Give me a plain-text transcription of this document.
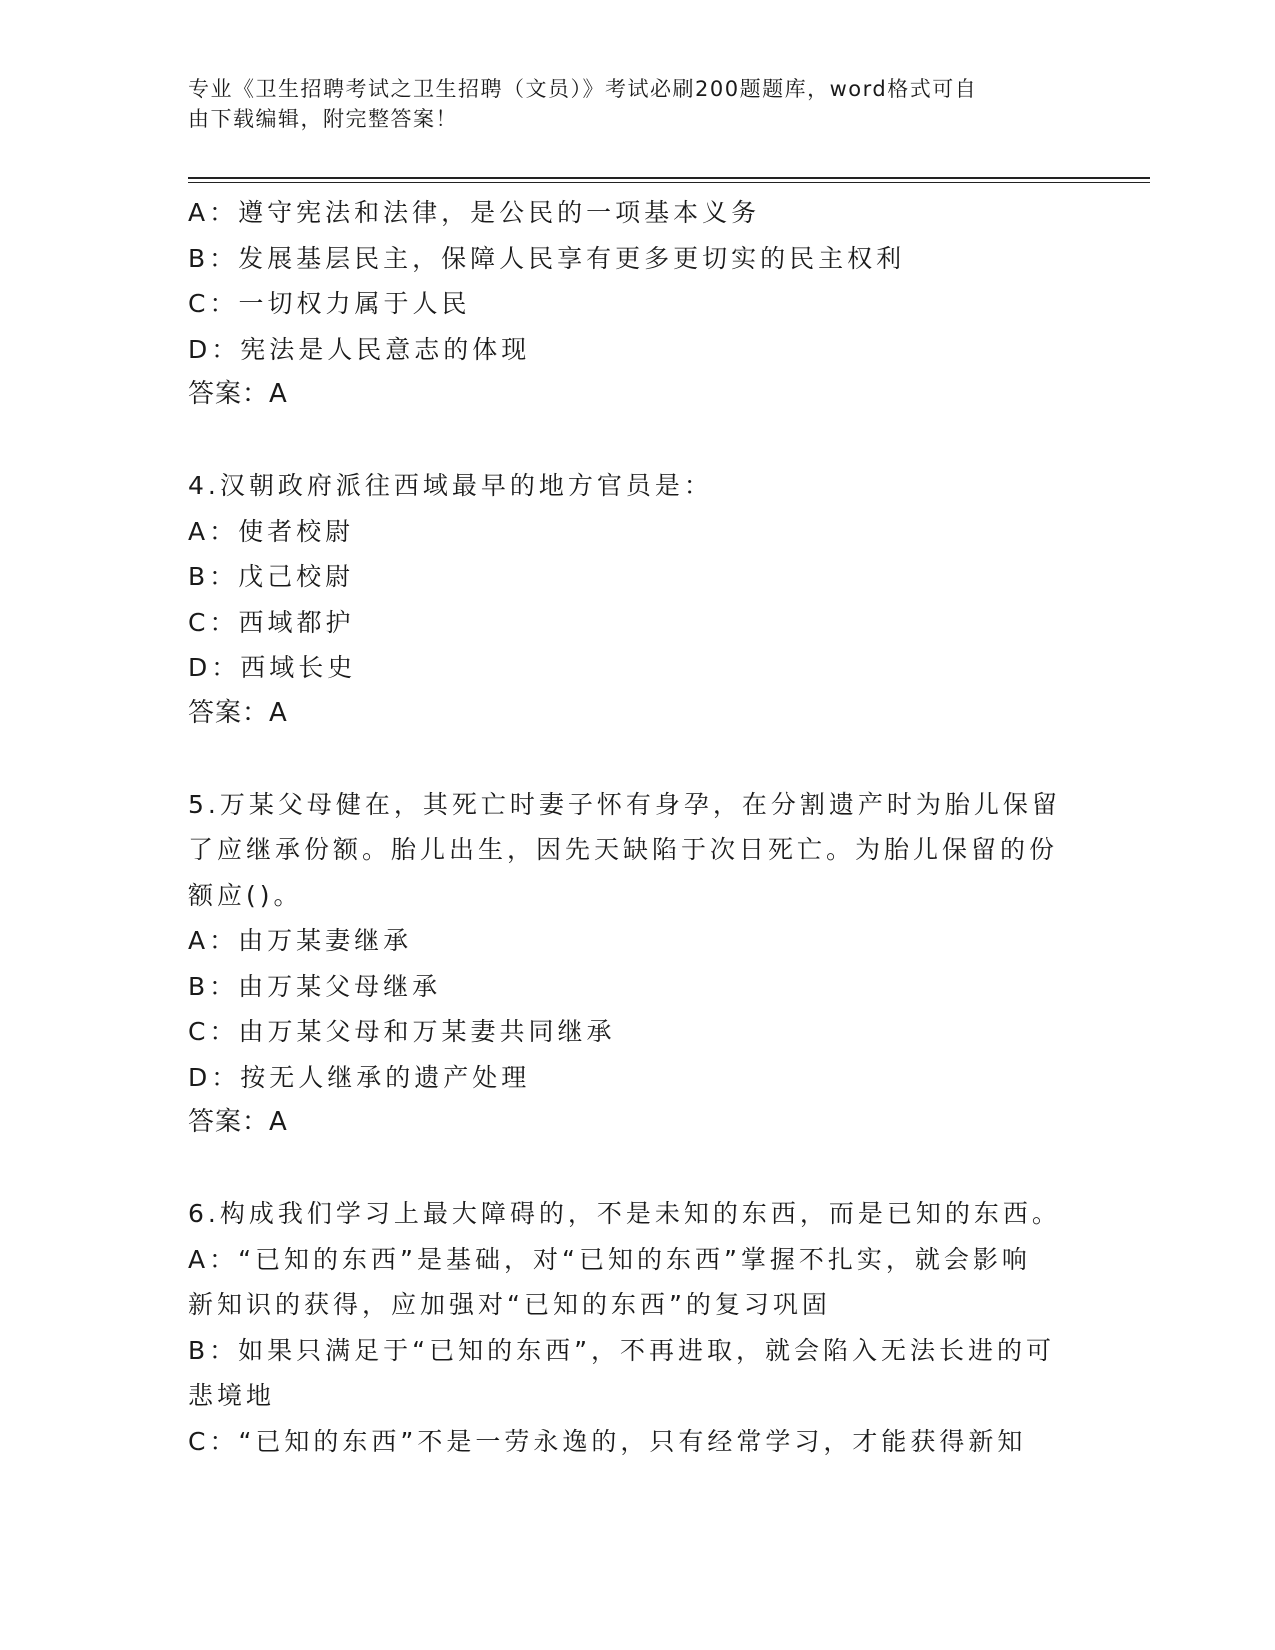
专业《卫生招聘考试之卫生招聘（文员）》考试必刷200题题库，word格式可自
由下载编辑，附完整答案！
A：遵守宪法和法律，是公民的一项基本义务
B：发展基层民主，保障人民享有更多更切实的民主权利
C：一切权力属于人民
D：宪法是人民意志的体现
答案：A
4.汉朝政府派往西域最早的地方官员是：
A：使者校尉
B：戊己校尉
C：西域都护
D：西域长史
答案：A
5.万某父母健在，其死亡时妻子怀有身孕，在分割遗产时为胎儿保留
了应继承份额。胎儿出生，因先天缺陷于次日死亡。为胎儿保留的份
额应()。
A：由万某妻继承
B：由万某父母继承
C：由万某父母和万某妻共同继承
D：按无人继承的遗产处理
答案：A
6.构成我们学习上最大障碍的，不是未知的东西，而是已知的东西。
A：“已知的东西”是基础，对“已知的东西”掌握不扎实，就会影响
新知识的获得，应加强对“已知的东西”的复习巩固
B：如果只满足于“已知的东西”，不再进取，就会陷入无法长进的可
悲境地
C：“已知的东西”不是一劳永逸的，只有经常学习，才能获得新知
